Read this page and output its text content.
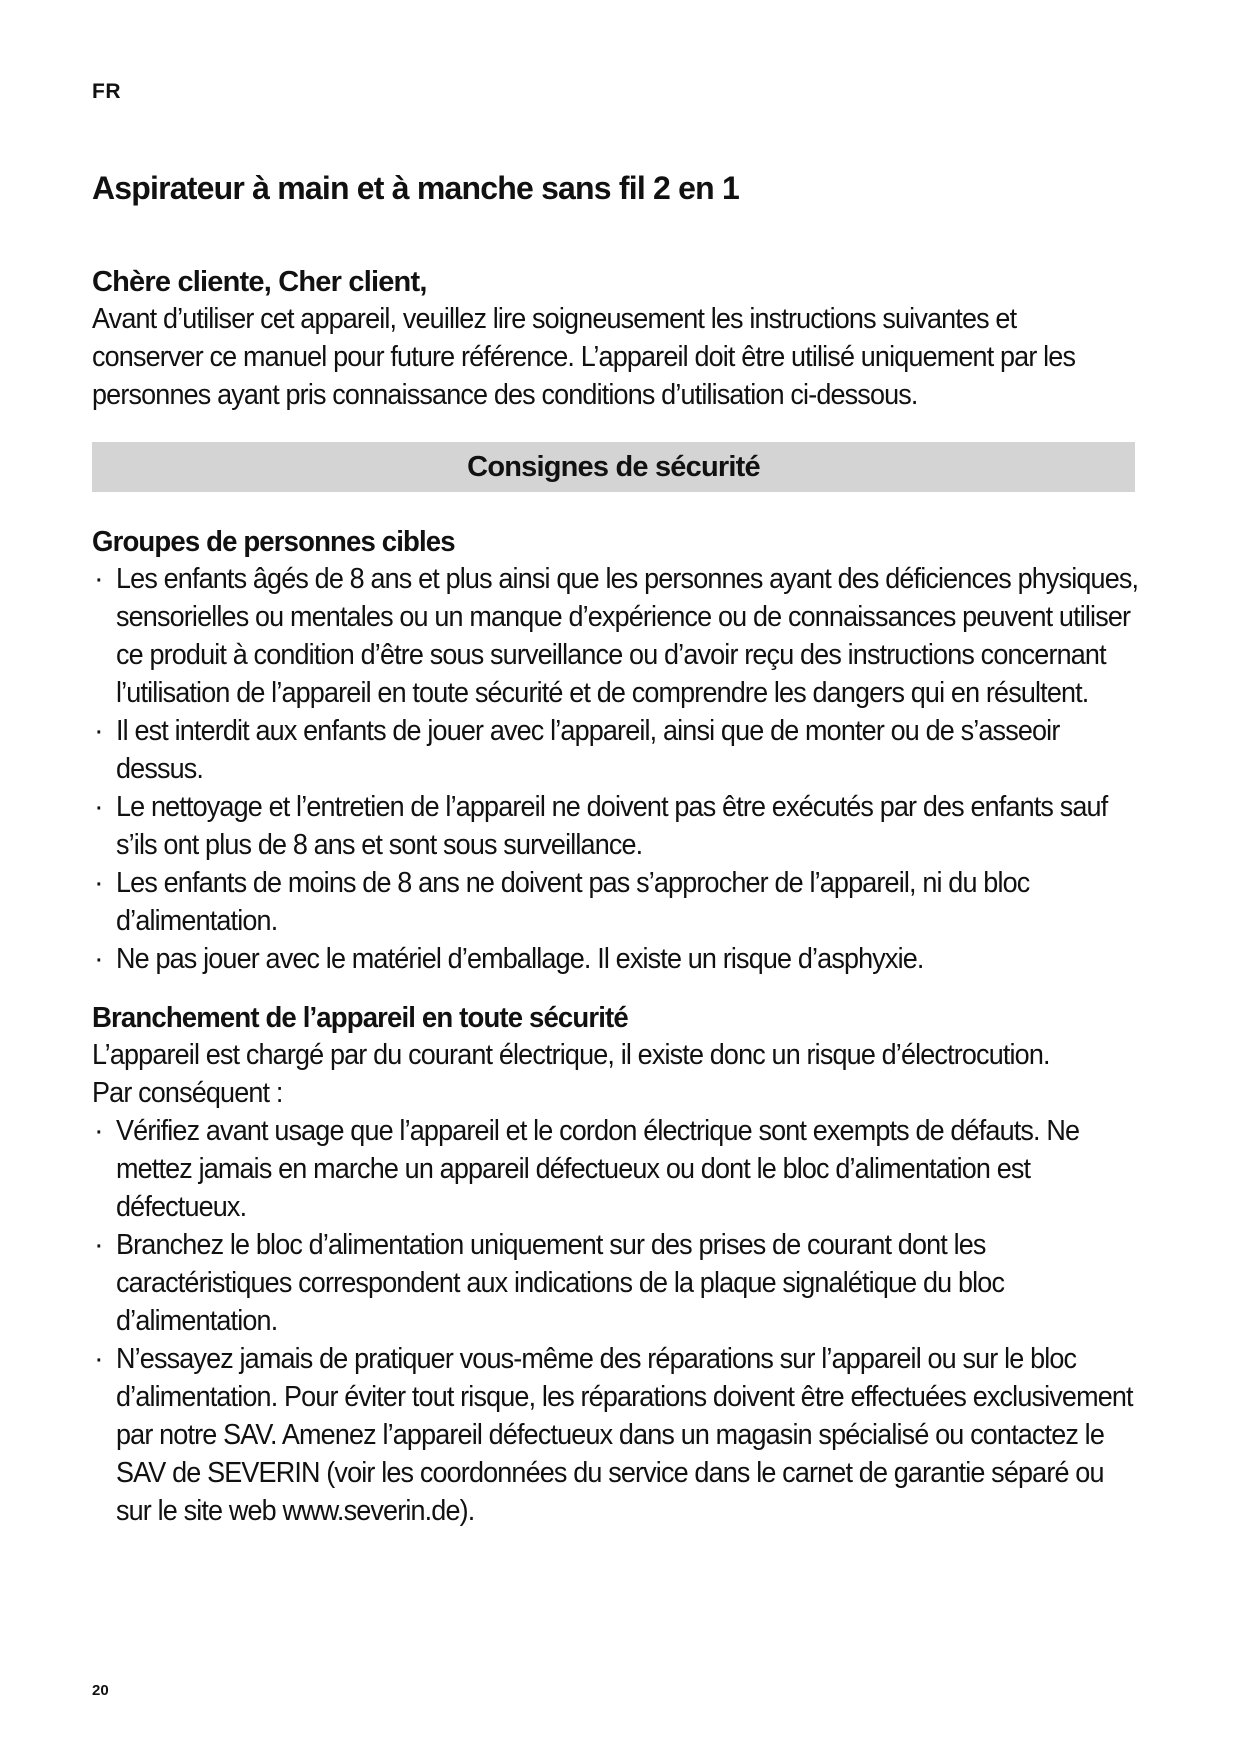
FR
Aspirateur à main et à manche sans fil 2 en 1

Chère cliente, Cher client,

Avant d’utiliser cet appareil, veuillez lire soigneusement les instructions suivantes et conserver ce manuel pour future référence. L’appareil doit être utilisé uniquement par les personnes ayant pris connaissance des conditions d’utilisation ci-dessous.

Consignes de sécurité
Groupes de personnes cibles
· Les enfants âgés de 8 ans et plus ainsi que les personnes ayant des déficiences physiques, sensorielles ou mentales ou un manque d’expérience ou de connaissances peuvent utiliser ce produit à condition d’être sous surveillance ou d’avoir reçu des instructions concernant l’utilisation de l’appareil en toute sécurité et de comprendre les dangers qui en résultent.
· Il est interdit aux enfants de jouer avec l’appareil, ainsi que de monter ou de s’asseoir dessus.
· Le nettoyage et l’entretien de l’appareil ne doivent pas être exécutés par des enfants sauf s’ils ont plus de 8 ans et sont sous surveillance.
· Les enfants de moins de 8 ans ne doivent pas s’approcher de l’appareil, ni du bloc d’alimentation.
· Ne pas jouer avec le matériel d’emballage. Il existe un risque d’asphyxie.
Branchement de l’appareil en toute sécurité

L’appareil est chargé par du courant électrique, il existe donc un risque d’électrocution.

Par conséquent :

· Vérifiez avant usage que l’appareil et le cordon électrique sont exempts de défauts. Ne mettez jamais en marche un appareil défectueux ou dont le bloc d’alimentation est défectueux.
· Branchez le bloc d’alimentation uniquement sur des prises de courant dont les caractéristiques correspondent aux indications de la plaque signalétique du bloc d’alimentation.
· N’essayez jamais de pratiquer vous-même des réparations sur l’appareil ou sur le bloc d’alimentation. Pour éviter tout risque, les réparations doivent être effectuées exclusivement par notre SAV. Amenez l’appareil défectueux dans un magasin spécialisé ou contactez le SAV de SEVERIN (voir les coordonnées du service dans le carnet de garantie séparé ou sur le site web www.severin.de).
20
